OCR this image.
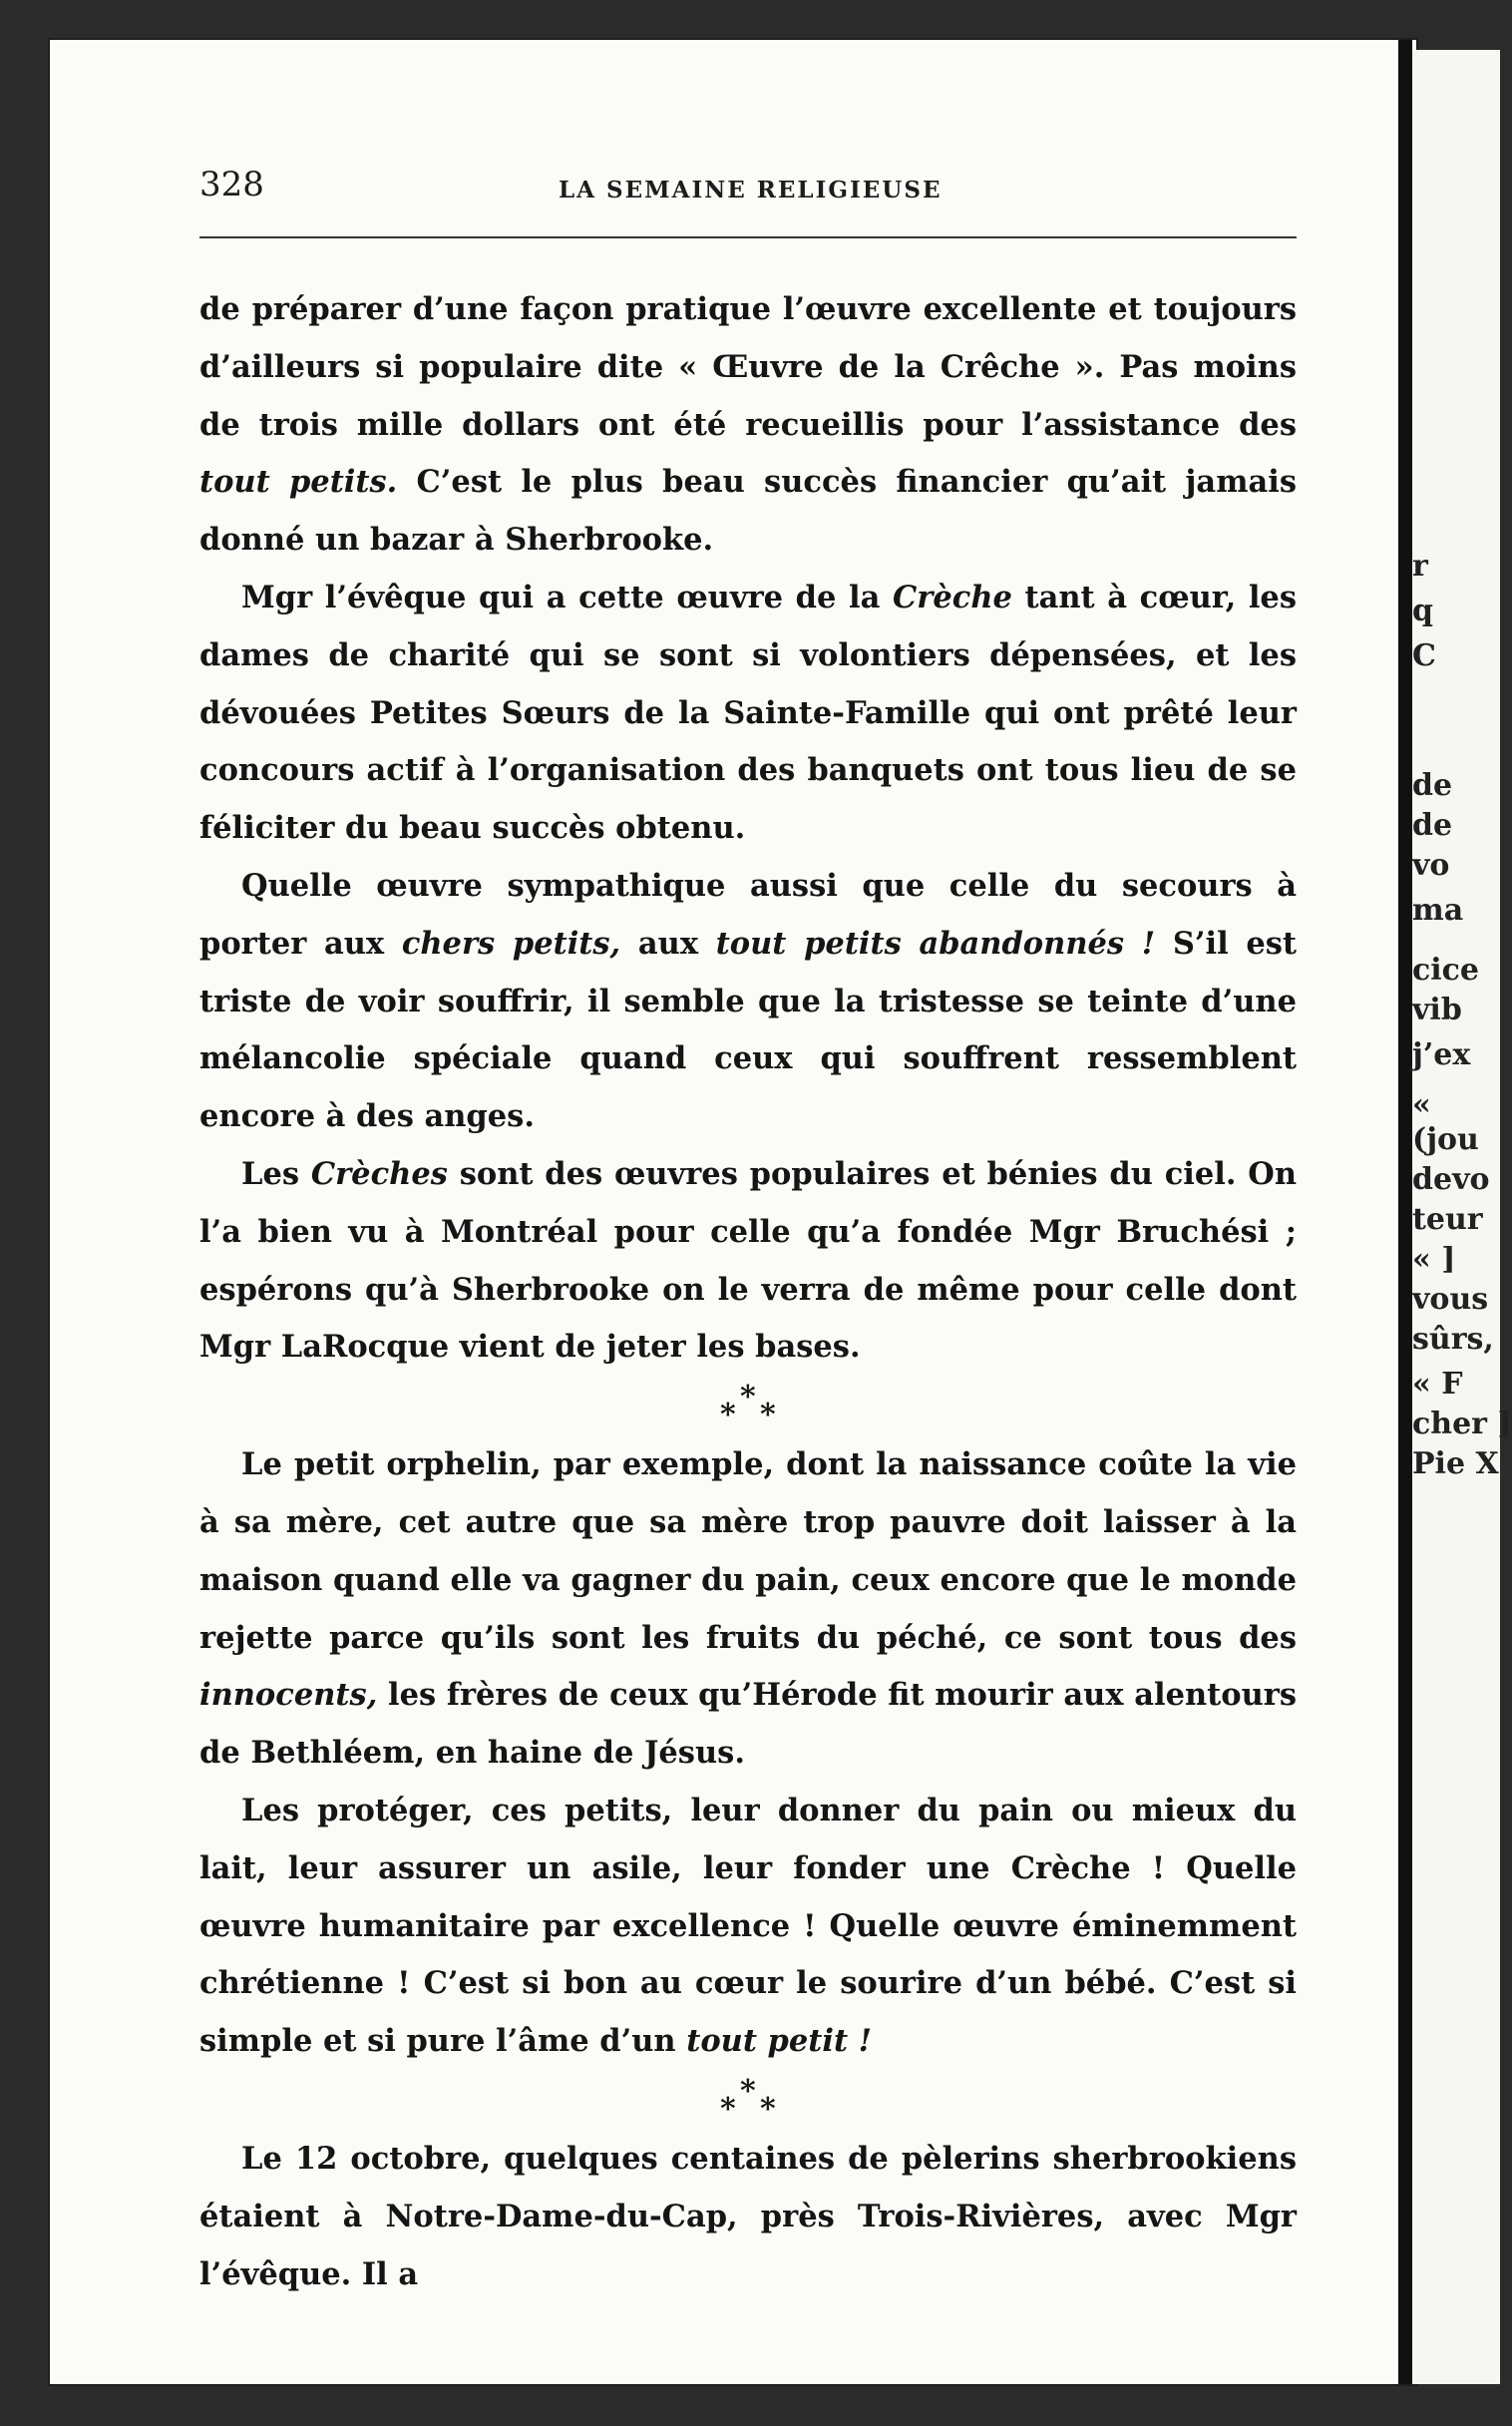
r
q
C
de
de
vo
ma
cice
vib
j’ex
«
(jou
devo
teur
« ]
vous
sûrs,
« F
cher ]
Pie X
328	LA SEMAINE RELIGIEUSE

de préparer d’une façon pratique l’œuvre excellente et toujours d’ailleurs si populaire dite « Œuvre de la Crêche ». Pas moins de trois mille dollars ont été recueillis pour l’assistance des tout petits. C’est le plus beau succès financier qu’ait jamais donné un bazar à Sherbrooke.

Mgr l’évêque qui a cette œuvre de la Crèche tant à cœur, les dames de charité qui se sont si volontiers dépensées, et les dévouées Petites Sœurs de la Sainte-Famille qui ont prêté leur concours actif à l’organisation des banquets ont tous lieu de se féliciter du beau succès obtenu.

Quelle œuvre sympathique aussi que celle du secours à porter aux chers petits, aux tout petits abandonnés ! S’il est triste de voir souffrir, il semble que la tristesse se teinte d’une mélancolie spéciale quand ceux qui souffrent ressemblent encore à des anges.

Les Crèches sont des œuvres populaires et bénies du ciel. On l’a bien vu à Montréal pour celle qu’a fondée Mgr Bruchési ; espérons qu’à Sherbrooke on le verra de même pour celle dont Mgr LaRocque vient de jeter les bases.

*
* *

Le petit orphelin, par exemple, dont la naissance coûte la vie à sa mère, cet autre que sa mère trop pauvre doit laisser à la maison quand elle va gagner du pain, ceux encore que le monde rejette parce qu’ils sont les fruits du péché, ce sont tous des innocents, les frères de ceux qu’Hérode fit mourir aux alentours de Bethléem, en haine de Jésus.

Les protéger, ces petits, leur donner du pain ou mieux du lait, leur assurer un asile, leur fonder une Crèche ! Quelle œuvre humanitaire par excellence ! Quelle œuvre éminemment chrétienne ! C’est si bon au cœur le sourire d’un bébé. C’est si simple et si pure l’âme d’un tout petit !

*
* *

Le 12 octobre, quelques centaines de pèlerins sherbrookiens étaient à Notre-Dame-du-Cap, près Trois-Rivières, avec Mgr l’évêque. Il a
